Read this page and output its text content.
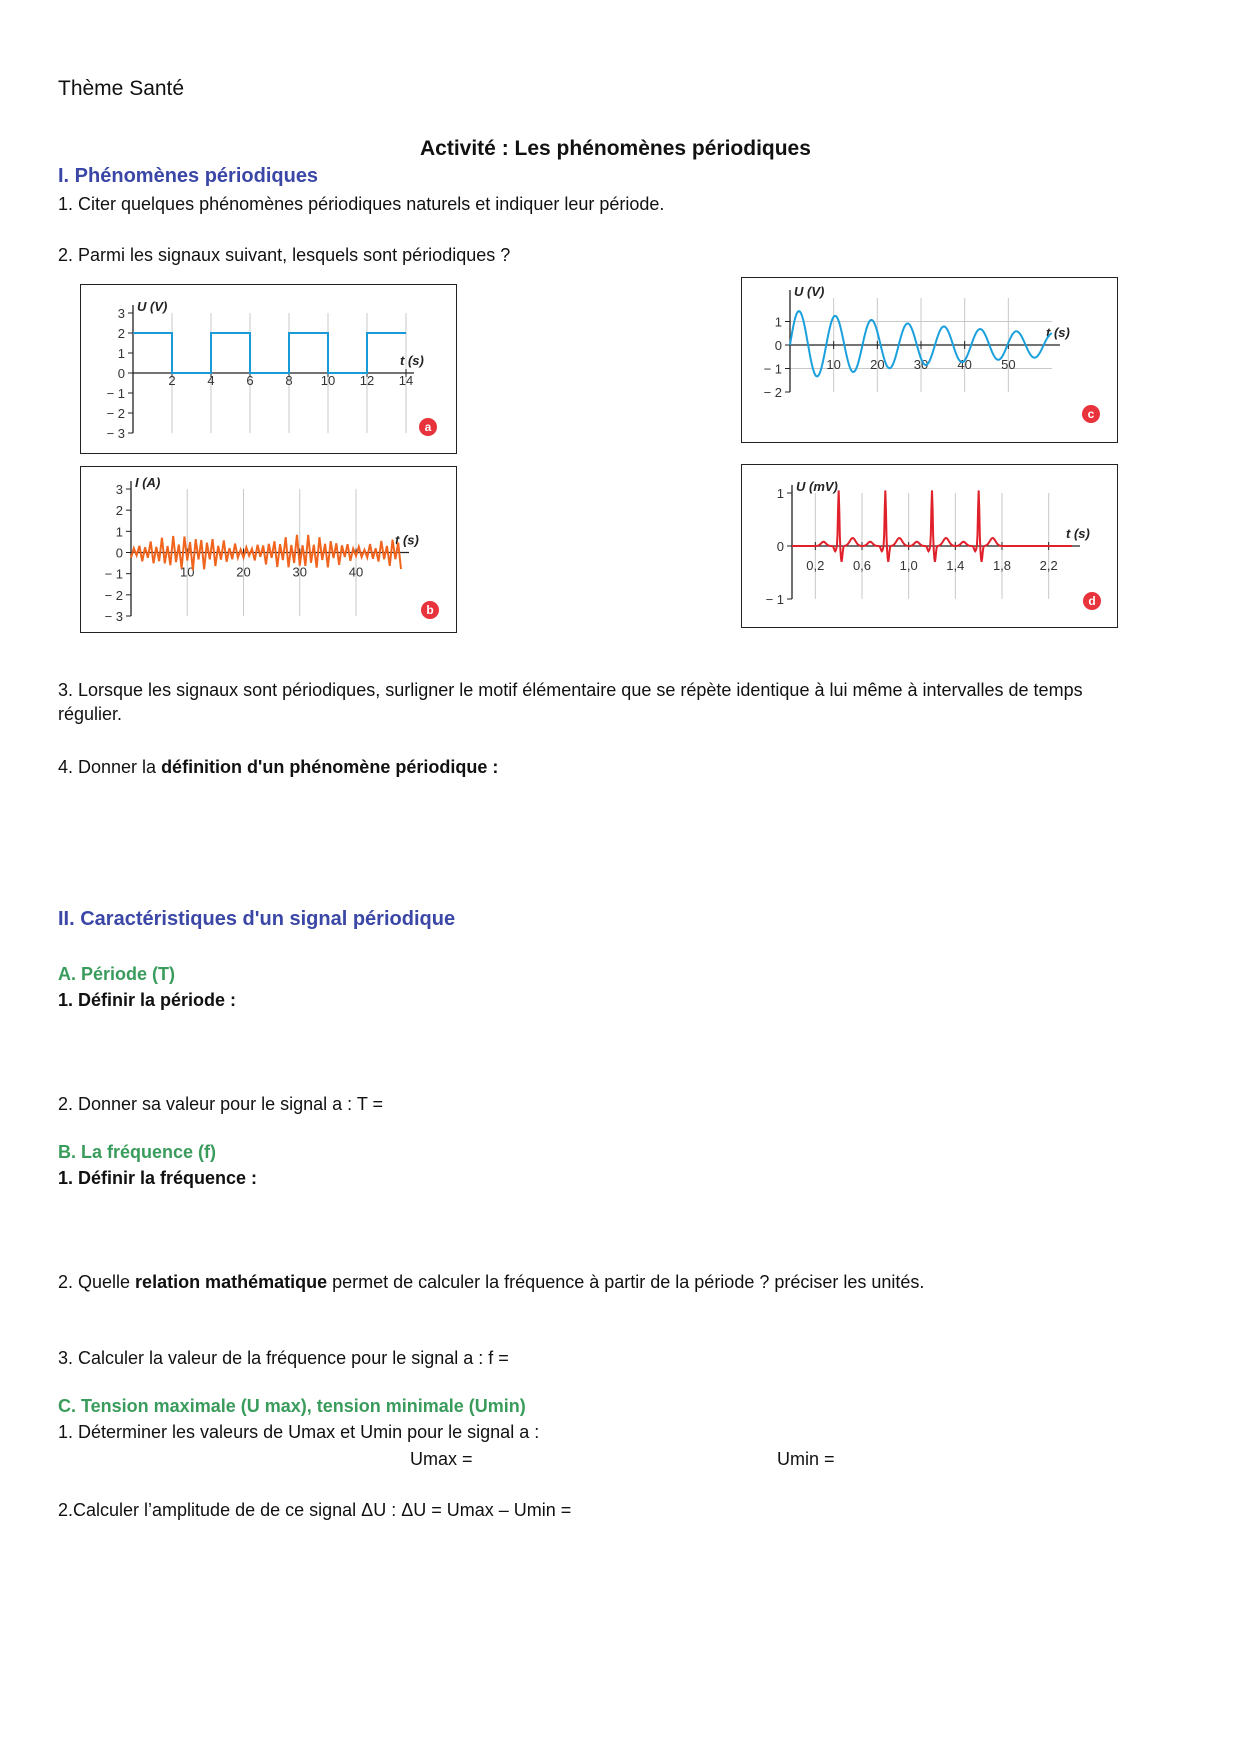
Thème Santé
Activité : Les phénomènes périodiques
I. Phénomènes périodiques
1. Citer quelques phénomènes périodiques naturels et indiquer leur période.
2. Parmi les signaux suivant, lesquels sont périodiques ?
3
2
1
0
− 1
− 2
− 3
2 4 6 8 10 12 14
U (V)
t (s)
a
3
2
1
0
− 1
− 2
− 3
10	20	30	40
I (A)
t (s)
b
1
0
− 1
− 2
10 20 30 40 50
U (V)
t (s)
c
1
0
− 1
0,2 0,6 1,0 1,4 1,8 2,2
U (mV)
t (s)
d
3. Lorsque les signaux sont périodiques, surligner le motif élémentaire que se répète identique à lui même à intervalles de temps
régulier.
4. Donner la définition d'un phénomène périodique :
II. Caractéristiques d'un signal périodique
A. Période (T)
1. Définir la période :
2. Donner sa valeur pour le signal a : T =
B. La fréquence (f)
1. Définir la fréquence :
2. Quelle relation mathématique permet de calculer la fréquence à partir de la période ? préciser les unités.
3. Calculer la valeur de la fréquence pour le signal a : f =
C. Tension maximale (U max), tension minimale (Umin)
1. Déterminer les valeurs de Umax et Umin pour le signal a :
Umax =	Umin =
2.Calculer l’amplitude de de ce signal ΔU : ΔU = Umax – Umin =
